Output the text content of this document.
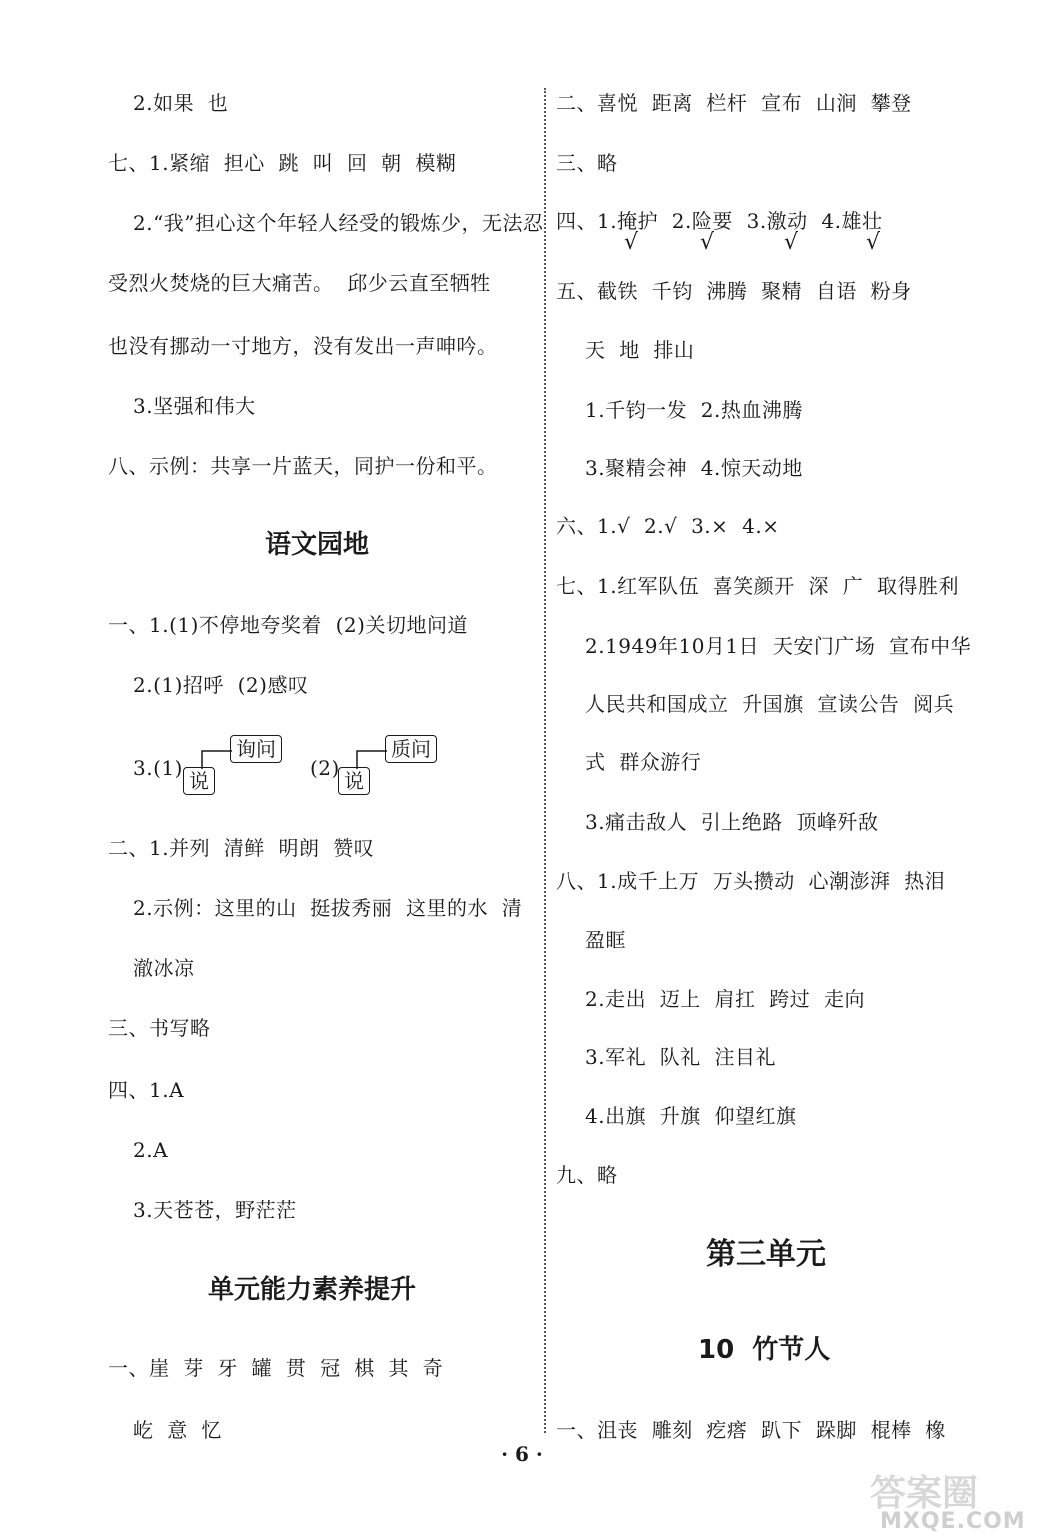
2.如果  也
七、1.紧缩  担心  跳  叫  回  朝  模糊
2.“我”担心这个年轻人经受的锻炼少，无法忍
受烈火焚烧的巨大痛苦。  邱少云直至牺牲
也没有挪动一寸地方，没有发出一声呻吟。
3.坚强和伟大
八、示例：共享一片蓝天，同护一份和平。
语文园地
一、1.(1)不停地夸奖着  (2)关切地问道
2.(1)招呼  (2)感叹
3.(1)
询问
说
(2)
质问
说
二、1.并列  清鲜  明朗  赞叹
2.示例：这里的山  挺拔秀丽  这里的水  清
澈冰凉
三、书写略
四、1.A
2.A
3.天苍苍，野茫茫
单元能力素养提升
一、崖  芽  牙  罐  贯  冠  棋  其  奇
屹  意  忆
二、喜悦  距离  栏杆  宣布  山涧  攀登
三、略
四、1.掩护  2.险要  3.激动  4.雄壮
√	√	√	√
五、截铁  千钧  沸腾  聚精  自语  粉身
天  地  排山
1.千钧一发  2.热血沸腾
3.聚精会神  4.惊天动地
六、1.√  2.√  3.×  4.×
七、1.红军队伍  喜笑颜开  深  广  取得胜利
2.1949年10月1日  天安门广场  宣布中华
人民共和国成立  升国旗  宣读公告  阅兵
式  群众游行
3.痛击敌人  引上绝路  顶峰歼敌
八、1.成千上万  万头攒动  心潮澎湃  热泪
盈眶
2.走出  迈上  肩扛  跨过  走向
3.军礼  队礼  注目礼
4.出旗  升旗  仰望红旗
九、略
第三单元
10  竹节人
一、沮丧  雕刻  疙瘩  趴下  跺脚  棍棒  橡
· 6 ·
答案圈
MXQE.COM
